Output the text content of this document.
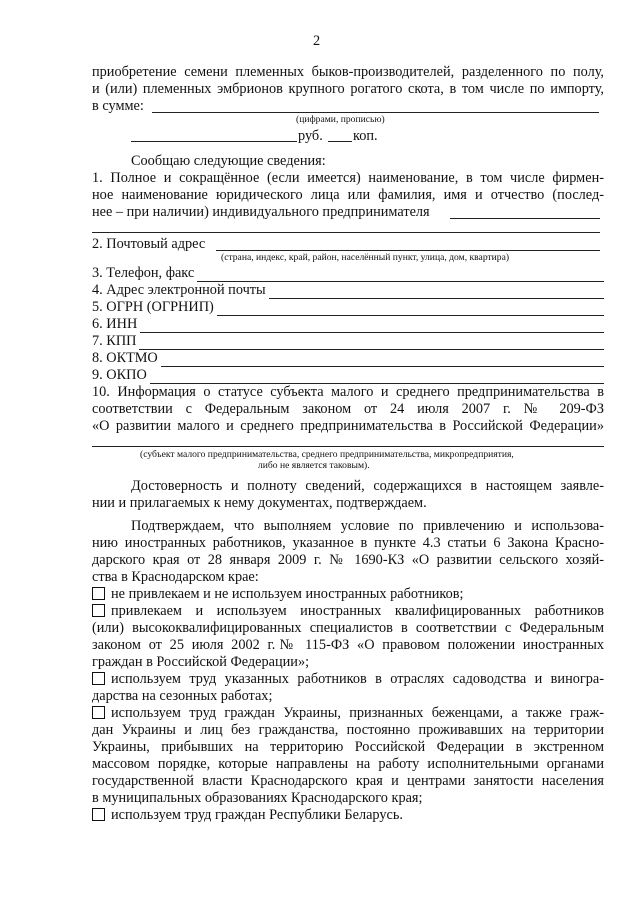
2
приобретение семени племенных быков-производителей, разделенного по полу,
и (или) племенных эмбрионов крупного рогатого скота, в том числе по импорту,
в сумме:
(цифрами, прописью)
руб. коп.
Сообщаю следующие сведения:
1. Полное и сокращённое (если имеется) наименование, в том числе фирмен-
ное наименование юридического лица или фамилия, имя и отчество (послед-
нее – при наличии) индивидуального предпринимателя
2. Почтовый адрес
(страна, индекс, край, район, населённый пункт, улица, дом, квартира)
3. Телефон, факс
4. Адрес электронной почты
5. ОГРН (ОГРНИП)
6. ИНН
7. КПП
8. ОКТМО
9. ОКПО
10. Информация о статусе субъекта малого и среднего предпринимательства в
соответствии с Федеральным законом от 24 июля 2007 г. № 209-ФЗ
«О развитии малого и среднего предпринимательства в Российской Федерации»
(субъект малого предпринимательства, среднего предпринимательства, микропредприятия,
либо не является таковым).
Достоверность и полноту сведений, содержащихся в настоящем заявле-
нии и прилагаемых к нему документах, подтверждаем.
Подтверждаем, что выполняем условие по привлечению и использова-
нию иностранных работников, указанное в пункте 4.3 статьи 6 Закона Красно-
дарского края от 28 января 2009 г. № 1690-КЗ «О развитии сельского хозяй-
ства в Краснодарском крае:
не привлекаем и не используем иностранных работников;
привлекаем и используем иностранных квалифицированных работников
(или) высококвалифицированных специалистов в соответствии с Федеральным
законом от 25 июля 2002 г.№ 115-ФЗ «О правовом положении иностранных
граждан в Российской Федерации»;
используем труд указанных работников в отраслях садоводства и виногра-
дарства на сезонных работах;
используем труд граждан Украины, признанных беженцами, а также граж-
дан Украины и лиц без гражданства, постоянно проживавших на территории
Украины, прибывших на территорию Российской Федерации в экстренном
массовом порядке, которые направлены на работу исполнительными органами
государственной власти Краснодарского края и центрами занятости населения
в муниципальных образованиях Краснодарского края;
используем труд граждан Республики Беларусь.
